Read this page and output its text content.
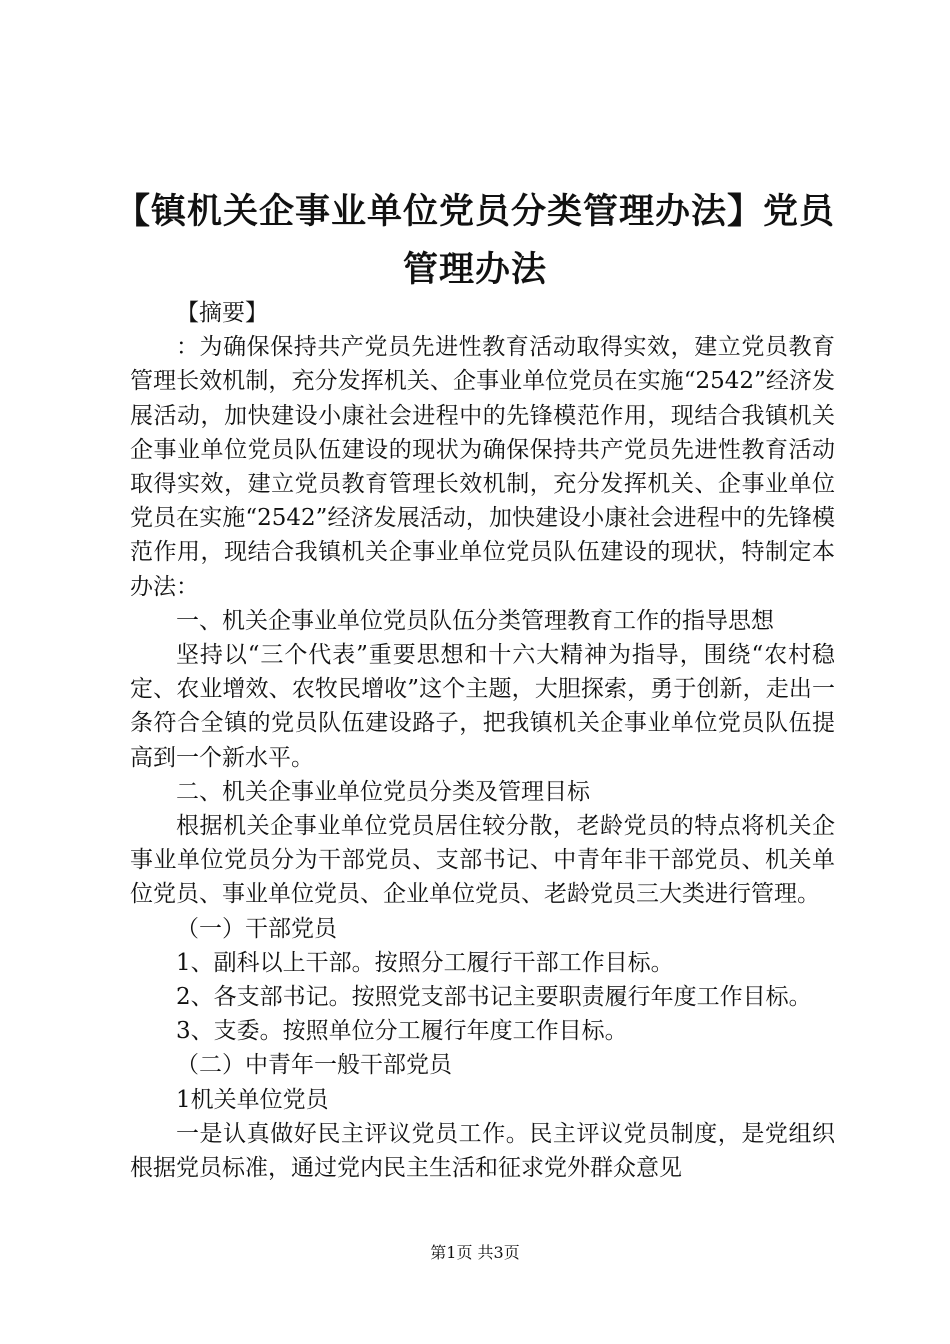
【镇机关企事业单位党员分类管理办法】党员
管理办法

【摘要】

：为确保保持共产党员先进性教育活动取得实效，建立党员教育管理长效机制，充分发挥机关、企事业单位党员在实施“2542”经济发展活动，加快建设小康社会进程中的先锋模范作用，现结合我镇机关企事业单位党员队伍建设的现状为确保保持共产党员先进性教育活动取得实效，建立党员教育管理长效机制，充分发挥机关、企事业单位党员在实施“2542”经济发展活动，加快建设小康社会进程中的先锋模范作用，现结合我镇机关企事业单位党员队伍建设的现状，特制定本办法：

一、机关企事业单位党员队伍分类管理教育工作的指导思想

坚持以“三个代表”重要思想和十六大精神为指导，围绕“农村稳定、农业增效、农牧民增收”这个主题，大胆探索，勇于创新，走出一条符合全镇的党员队伍建设路子，把我镇机关企事业单位党员队伍提高到一个新水平。

二、机关企事业单位党员分类及管理目标

根据机关企事业单位党员居住较分散，老龄党员的特点将机关企事业单位党员分为干部党员、支部书记、中青年非干部党员、机关单位党员、事业单位党员、企业单位党员、老龄党员三大类进行管理。

（一）干部党员

1、副科以上干部。按照分工履行干部工作目标。

2、各支部书记。按照党支部书记主要职责履行年度工作目标。

3、支委。按照单位分工履行年度工作目标。

（二）中青年一般干部党员

1机关单位党员

一是认真做好民主评议党员工作。民主评议党员制度，是党组织根据党员标准，通过党内民主生活和征求党外群众意见

第1页 共3页
